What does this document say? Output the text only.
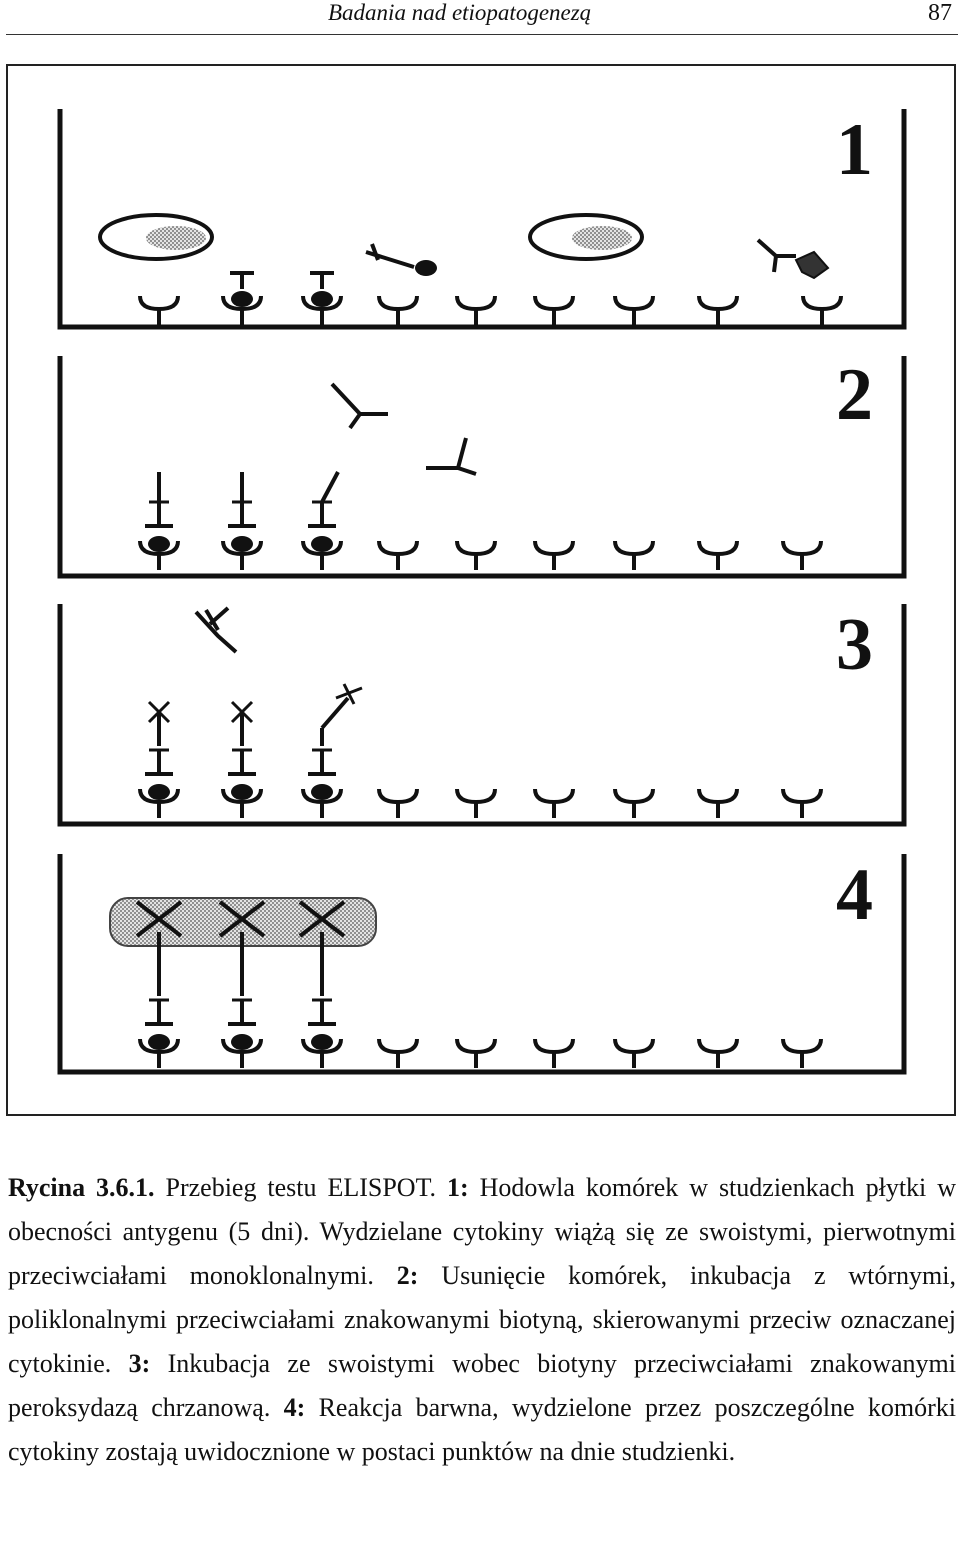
Badania nad etiopatogenezą	87
1
2
3
4
Rycina 3.6.1. Przebieg testu ELISPOT. 1: Hodowla komórek w studzienkach płytki w obecności antygenu (5 dni). Wydzielane cytokiny wiążą się ze swoistymi, pierwotnymi przeciwciałami monoklonalnymi. 2: Usunięcie komórek, inkubacja z wtórnymi, poliklonalnymi przeciwciałami znakowanymi biotyną, skierowanymi przeciw oznaczanej cytokinie. 3: Inkubacja ze swoistymi wobec biotyny przeciwciałami znakowanymi peroksydazą chrzanową. 4: Reakcja barwna, wydzielone przez poszczególne komórki cytokiny zostają uwidocznione w postaci punktów na dnie studzienki.
